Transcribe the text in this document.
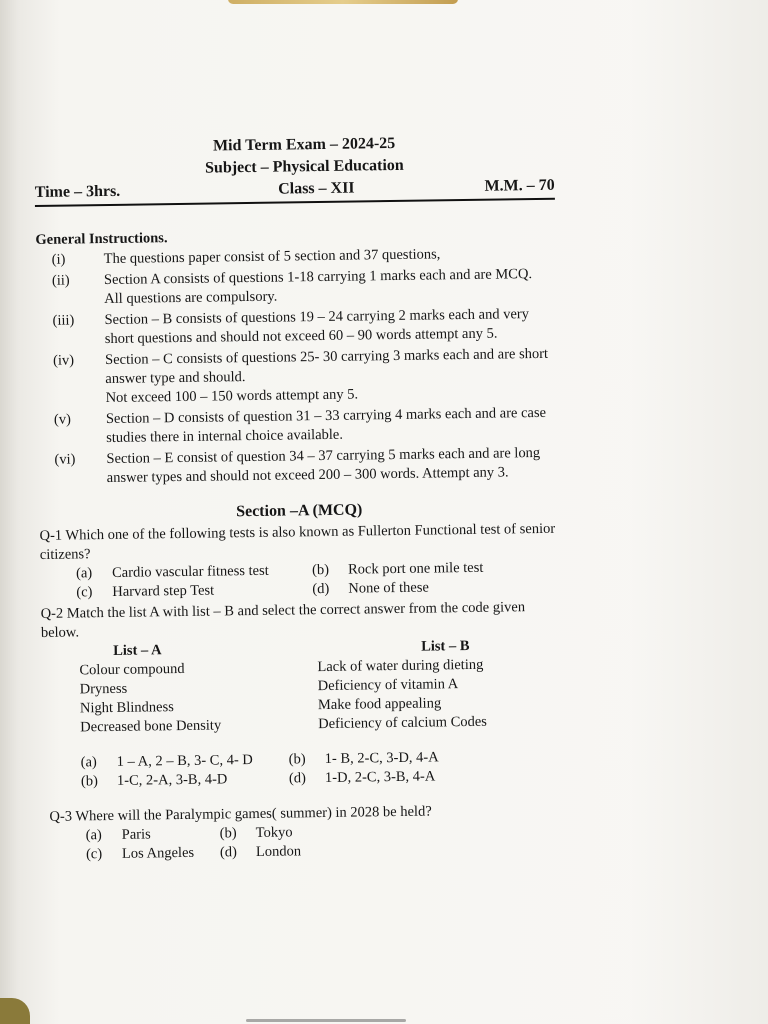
Mid Term Exam – 2024-25
Subject – Physical Education
Time – 3hrs.	Class – XII	M.M. – 70
General Instructions.
(i)	The questions paper consist of 5 section and 37 questions,
(ii)	Section A consists of questions 1-18 carrying 1 marks each and are MCQ. All questions are compulsory.
(iii)	Section – B consists of questions 19 – 24 carrying 2 marks each and very short questions and should not exceed 60 – 90 words attempt any 5.
(iv)	Section – C consists of questions 25- 30 carrying 3 marks each and are short answer type and should.
Not exceed 100 – 150 words attempt any 5.
(v)	Section – D consists of question 31 – 33 carrying 4 marks each and are case studies there in internal choice available.
(vi)	Section – E consist of question 34 – 37 carrying 5 marks each and are long answer types and should not exceed 200 – 300 words. Attempt any 3.
Section –A (MCQ)
Q-1 Which one of the following tests is also known as Fullerton Functional test of senior citizens?
(a)	Cardio vascular fitness test	(b)	Rock port one mile test
(c)	Harvard step Test	(d)	None of these
Q-2 Match the list A with list – B and select the correct answer from the code given below.
List – A	List – B
Colour compound	Lack of water during dieting
Dryness	Deficiency of vitamin A
Night Blindness	Make food appealing
Decreased bone Density	Deficiency of calcium Codes
(a)	1 – A, 2 – B, 3- C, 4- D (b)	1- B, 2-C, 3-D, 4-A
(b)	1-C, 2-A, 3-B, 4-D	(d)	1-D, 2-C, 3-B, 4-A
Q-3 Where will the Paralympic games( summer) in 2028 be held?
(a)	Paris	(b)	Tokyo
(c)	Los Angeles (d)	London
